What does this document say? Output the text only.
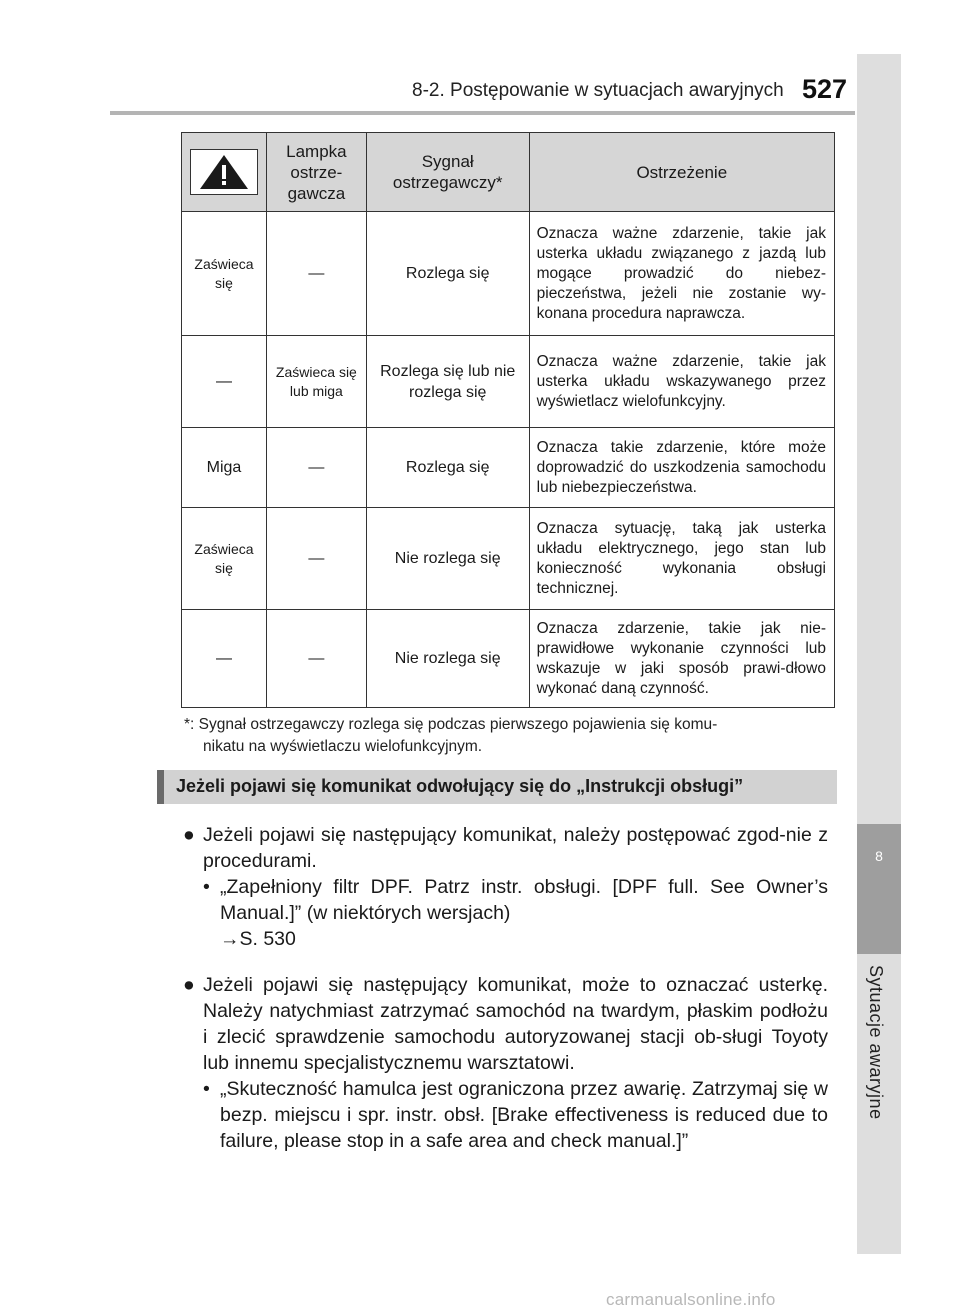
8-2. Postępowanie w sytuacjach awaryjnych 527
8
Sytuacje awaryjne
	Lampka ostrze-gawcza	Sygnał ostrzegawczy*	Ostrzeżenie
Zaświeca się	—	Rozlega się	Oznacza ważne zdarzenie, takie jak usterka układu związanego z jazdą lub mogące prowadzić do niebez-pieczeństwa, jeżeli nie zostanie wy-konana procedura naprawcza.
—	Zaświeca się lub miga	Rozlega się lub nie rozlega się	Oznacza ważne zdarzenie, takie jak usterka układu wskazywanego przez wyświetlacz wielofunkcyjny.
Miga	—	Rozlega się	Oznacza takie zdarzenie, które może doprowadzić do uszkodzenia samochodu lub niebezpieczeństwa.
Zaświeca się	—	Nie rozlega się	Oznacza sytuację, taką jak usterka układu elektrycznego, jego stan lub konieczność wykonania obsługi technicznej.
—	—	Nie rozlega się	Oznacza zdarzenie, takie jak nie-prawidłowe wykonanie czynności lub wskazuje w jaki sposób prawi-dłowo wykonać daną czynność.
*: Sygnał ostrzegawczy rozlega się podczas pierwszego pojawienia się komu-
nikatu na wyświetlaczu wielofunkcyjnym.
Jeżeli pojawi się komunikat odwołujący się do „Instrukcji obsługi”
● Jeżeli pojawi się następujący komunikat, należy postępować zgod-nie z procedurami.
• „Zapełniony filtr DPF. Patrz instr. obsługi. [DPF full. See Owner’s Manual.]” (w niektórych wersjach)
→S. 530
● Jeżeli pojawi się następujący komunikat, może to oznaczać usterkę. Należy natychmiast zatrzymać samochód na twardym, płaskim podłożu i zlecić sprawdzenie samochodu autoryzowanej stacji ob-sługi Toyoty lub innemu specjalistycznemu warsztatowi.
• „Skuteczność hamulca jest ograniczona przez awarię. Zatrzymaj się w bezp. miejscu i spr. instr. obsł. [Brake effectiveness is reduced due to failure, please stop in a safe area and check manual.]”
carmanualsonline.info
